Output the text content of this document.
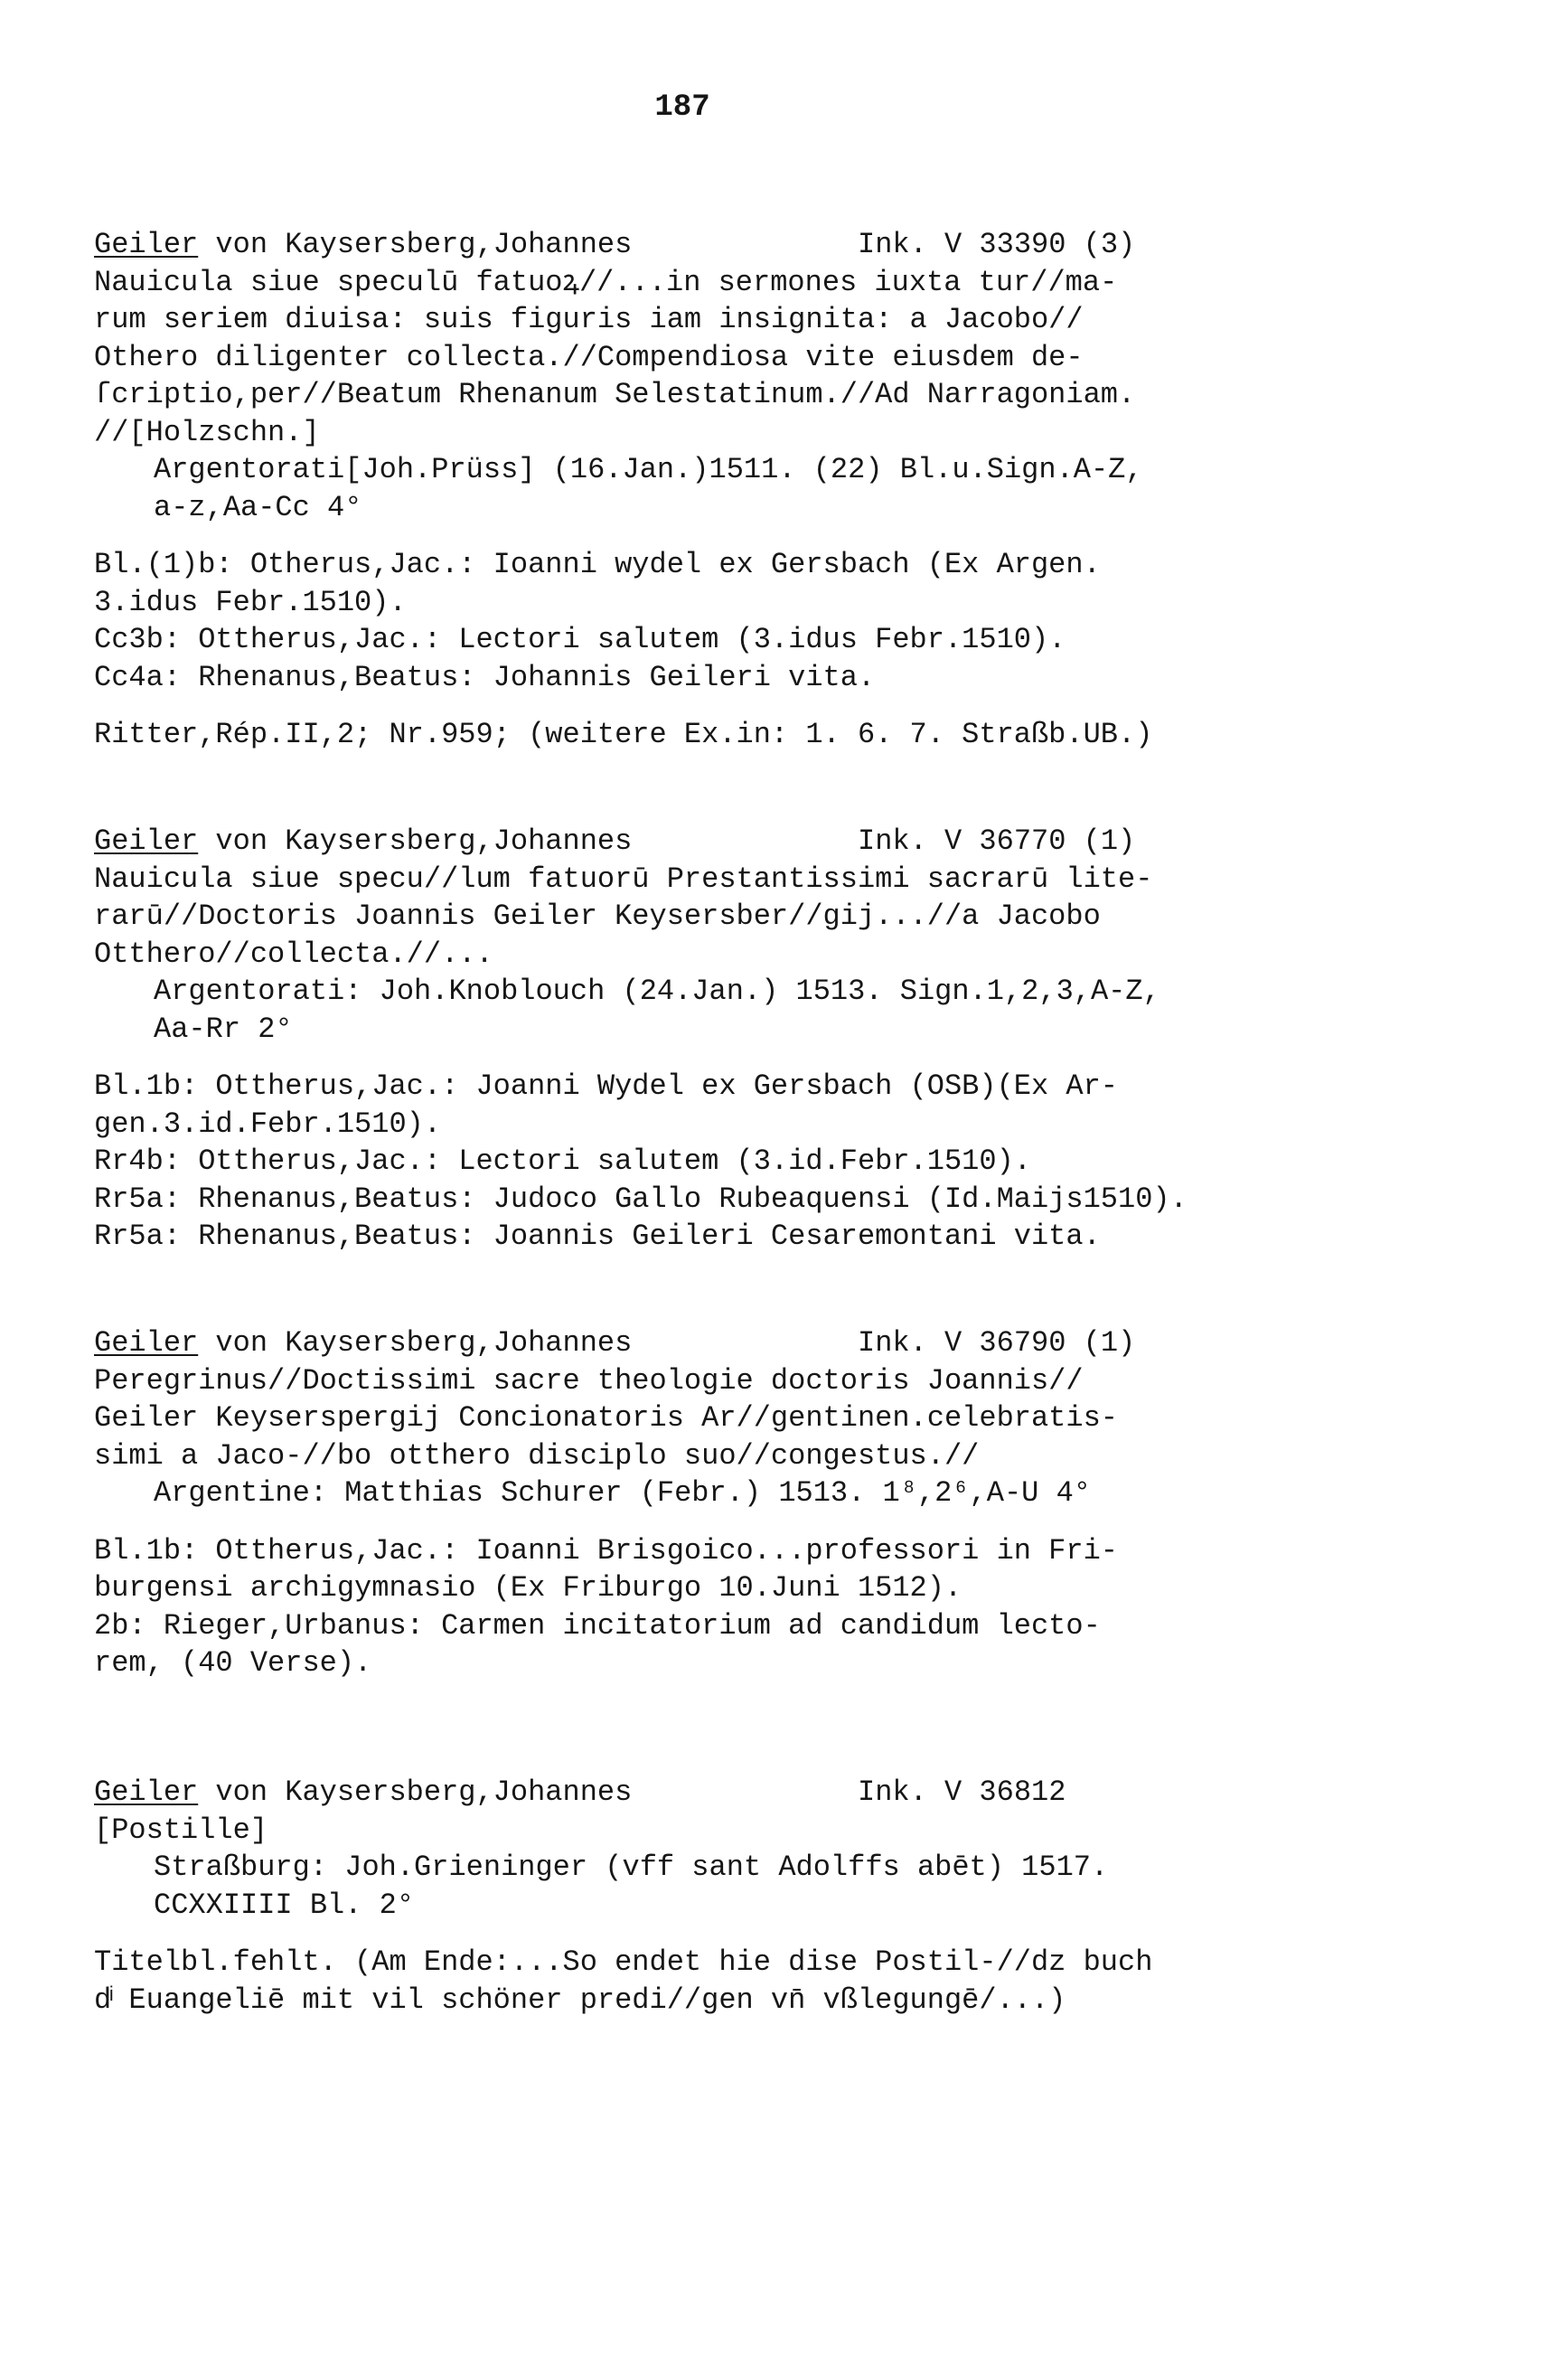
187
Geiler von Kaysersberg,Johannes	Ink. V 33390 (3)
Nauicula siue speculū fatuoꝝ//...in sermones iuxta tur//ma-
rum seriem diuisa: suis figuris iam insignita: a Jacobo//
Othero diligenter collecta.//Compendiosa vite eiusdem de-
ſcriptio,per//Beatum Rhenanum Selestatinum.//Ad Narragoniam.
//[Holzschn.]
Argentorati[Joh.Prüss] (16.Jan.)1511. (22) Bl.u.Sign.A-Z,
a-z,Aa-Cc 4°
Bl.(1)b: Otherus,Jac.: Ioanni wydel ex Gersbach (Ex Argen.
3.idus Febr.1510).
Cc3b: Ottherus,Jac.: Lectori salutem (3.idus Febr.1510).
Cc4a: Rhenanus,Beatus: Johannis Geileri vita.
Ritter,Rép.II,2; Nr.959; (weitere Ex.in: 1. 6. 7. Straßb.UB.)
Geiler von Kaysersberg,Johannes	Ink. V 36770 (1)
Nauicula siue specu//lum fatuorū Prestantissimi sacrarū lite-
rarū//Doctoris Joannis Geiler Keysersber//gij...//a Jacobo
Otthero//collecta.//...
Argentorati: Joh.Knoblouch (24.Jan.) 1513. Sign.1,2,3,A-Z,
Aa-Rr 2°
Bl.1b: Ottherus,Jac.: Joanni Wydel ex Gersbach (OSB)(Ex Ar-
gen.3.id.Febr.1510).
Rr4b: Ottherus,Jac.: Lectori salutem (3.id.Febr.1510).
Rr5a: Rhenanus,Beatus: Judoco Gallo Rubeaquensi (Id.Maijs1510).
Rr5a: Rhenanus,Beatus: Joannis Geileri Cesaremontani vita.
Geiler von Kaysersberg,Johannes	Ink. V 36790 (1)
Peregrinus//Doctissimi sacre theologie doctoris Joannis//
Geiler Keyserspergij Concionatoris Ar//gentinen.celebratis-
simi a Jaco-//bo otthero disciplo suo//congestus.//
Argentine: Matthias Schurer (Febr.) 1513. 1⁸,2⁶,A-U 4°
Bl.1b: Ottherus,Jac.: Ioanni Brisgoico...professori in Fri-
burgensi archigymnasio (Ex Friburgo 10.Juni 1512).
2b: Rieger,Urbanus: Carmen incitatorium ad candidum lecto-
rem, (40 Verse).
Geiler von Kaysersberg,Johannes	Ink. V 36812
[Postille]
Straßburg: Joh.Grieninger (vff sant Adolffs abēt) 1517.
CCXXIIII Bl. 2°
Titelbl.fehlt. (Am Ende:...So endet hie dise Postil-//dz buch
dͥ Euangeliē mit vil schöner predi//gen vn̄ vßlegungē/...)
